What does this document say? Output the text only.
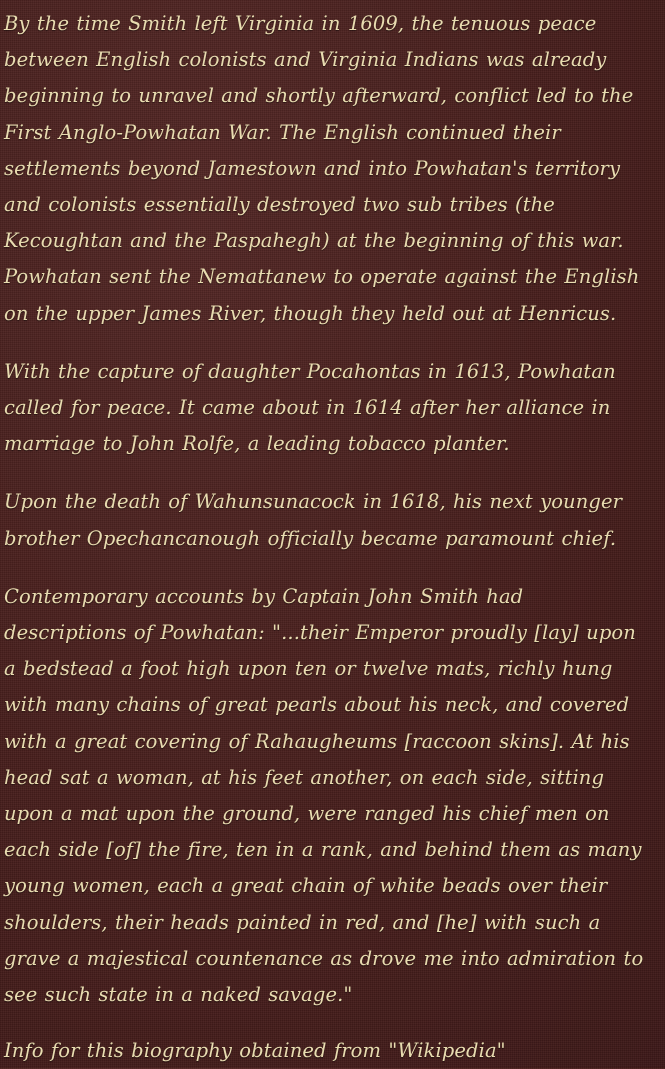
By the time Smith left Virginia in 1609, the tenuous peace between English colonists and Virginia Indians was already beginning to unravel and shortly afterward, conflict led to the First Anglo-Powhatan War. The English continued their settlements beyond Jamestown and into Powhatan's territory and colonists essentially destroyed two sub tribes (the Kecoughtan and the Paspahegh) at the beginning of this war. Powhatan sent the Nemattanew to operate against the English on the upper James River, though they held out at Henricus.

With the capture of daughter Pocahontas in 1613, Powhatan called for peace. It came about in 1614 after her alliance in marriage to John Rolfe, a leading tobacco planter.

Upon the death of Wahunsunacock in 1618, his next younger brother Opechancanough officially became paramount chief.

Contemporary accounts by Captain John Smith had descriptions of Powhatan: "...their Emperor proudly [lay] upon a bedstead a foot high upon ten or twelve mats, richly hung with many chains of great pearls about his neck, and covered with a great covering of Rahaugheums [raccoon skins]. At his head sat a woman, at his feet another, on each side, sitting upon a mat upon the ground, were ranged his chief men on each side [of] the fire, ten in a rank, and behind them as many young women, each a great chain of white beads over their shoulders, their heads painted in red, and [he] with such a grave a majestical countenance as drove me into admiration to see such state in a naked savage."

Info for this biography obtained from "Wikipedia"
